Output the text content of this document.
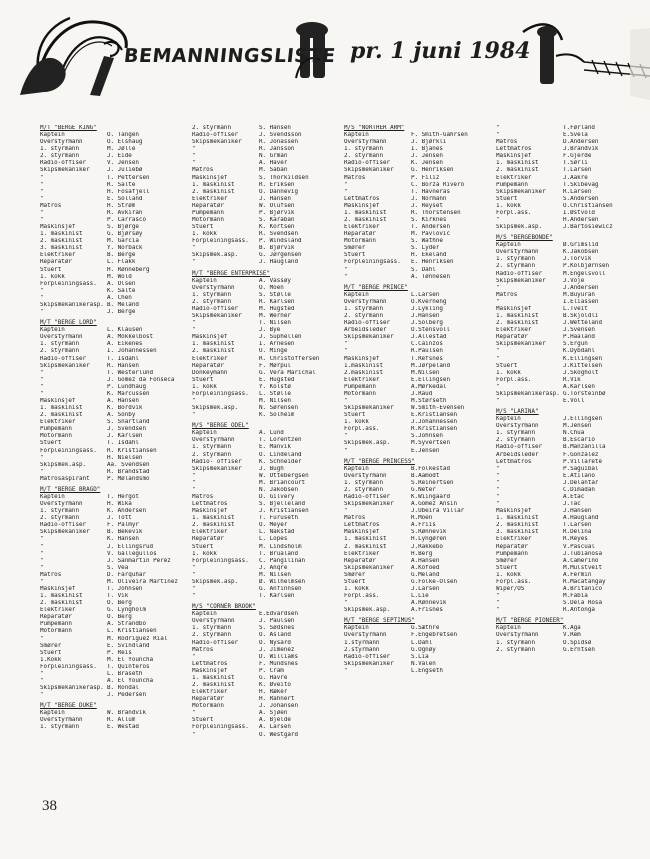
BEMANNINGSLISTE pr. 1 juni 1984
M/T "BERGE KING"
Kaptein	O. Tangen
Overstyrmann	O. Elshaug
1. styrmann	M. Jølle
2. styrmann	J. Eide
Radio-offiser	V. Jensen
Skipsmekaniker	J. Juliebø
"	T. Pettersen
"	R. Salte
"	H. Fosafjell
"	E. Solland
Matros	H. Strøm
"	R. Avkiran
"	P. Carrasco
Maskinsjef	S. Bjørge
1. maskinist	G. Bjørsøy
2. maskinist	M. Garcia
3. maskinist	Y. Norback
Elektriker	B. Berge
Reparatør	L. Flakk
Stuert	H. Rønneberg
1. kokk	M. Wold
Forpleiningsass.	A. Olsen
"	K. Salte
"	A. Chen
Skipsmekanikerasp. B. Meland
"	J. Berge
M/T "BERGE LORD"
Kaptein	L. Klausen
Overstyrmann	A. Mokkelbost
1. styrmann	A. Eikenes
2. styrmann	I. Johannessen
Radio-offiser	T. Isdahl
Skipsmekaniker	R. Hansen
"	T. Westerlund
"	J. Gomez da Fonseca
"	P. Lundhaug
"	K. Marcussen
Maskinsjef	A. Hansen
1. maskinist	K. Bordvik
2. maskinist	A. Sonby
Elektriker	S. Snartland
Pumpemann	J. Svendsen
Motormann	J. Karlsen
Stuert	T. Isdahl
Forpleiningsass.	R. Kristiansen
"	H. Nielsen
Skipsmek.asp.	Aa. Svendsen
"	R. Brandstad
Matrosaspirant	P. Mølandsmo
M/T "BERGE BRAGD"
Kaptein	T. Hergot
Overstyrmann	H. Wika
1. styrmann	K. Andersen
2. styrmann	J. Tott
Radio-offiser	F. Palmyr
Skipsmekaniker	B. Bekevik
"	K. Hansen
"	J. Ellingsrud
"	V. Gallegullos
"	J. Sanmartin Perez
"	S. Vea
Matros	D. Farquhar
"	M. Oliveira Martinez
Maskinsjef	T. Johnsen
1. maskinist	T. Vik
2. maskinist	O. Berg
Elektriker	G. Lyngholm
Reparatør	O. Berg
Pumpemann	A. Strandbo
Motormann	L. Kristiansen
"	M. Rodriguez Rial
Smører	E. Svindland
Stuert	P. Reis
1.Kokk	M. El Youncha
Forpleiningsass.	T. Quinteros
"	L. Braseth
"	A. El Youncha
Skipsmekanikerasp. B. Rondal
"	J. Pedersen
M/T "BERGE DUKE"
Kaptein	W. Brandvik
Overstyrmann	R. Allum
1. styrmann	E. Westad
2. styrmann	S. Hansen
Radio-offiser	J. Svendsson
Skipsmekaniker	R. Jonassen
"	R. Jansson
"	N. Grman
"	A. Haver
Matros	M. Saban
Maskinsjef	S. Thorkildsen
1. maskinist	R. Eriksen
2. maskinist	O. Dannevig
Elektriker	J. Hansen
Reparatør	W. Olufsen
Pumpemann	P. Bjørvik
Motormann	S. Karaban
Stuert	K. Kortsen
1. kokk	R. Svendsen
Forpleiningsass.	P. Windsland
"	B. Bjørvik
Skipsmek.asp.	G. Jørgensen
"	J. Haugland
M/T "BERGE ENTERPRISE"
Kaptein	A. Vassøy
Overstyrmann	O. Moen
1. styrmann	S. Stølle
2. styrmann	R. Karlsen
Radio-offiser	M. Hugsted
Skipsmekaniker	M. Werner
"	T. Nilsen
"	J. Bye
Maskinsjef	J. Suphellen
1. maskinist	I. Arnesen
2. maskinist	U. Minge
Elektriker	R. Christoffersen
Reparatør	F. Mørpul
Donkeymann	G. Vera Marichal
Stuert	E. Hugsted
1. kokk	Y. Kolstø
Forpleiningsass.	L. Stølle
"	M. Nilsen
Skipsmek.asp.	N. Sørensen
"	K. Solheim
M/S "BERGE ODEL"
Kaptein	A. Lund
Overstyrmann	T. Lorentzen
1. styrmann	E. Manvik
2. styrmann	O. Lindeland
Radio- offiser	K. Schneider
Skipsmekaniker	J. Bugh
"	W. Ottebergsen
"	M. Briancourt
"	N. Jakobsen
Matros	D. Gilvery
Lettmatros	S. Bjelleland
Maskinsjef	J. Kristiansen
1. maskinist	T. Furuseth
2. maskinist	O. Meyer
Elektriker	L. Nakstad
Reparatør	L. Lopes
Stuert	M. Lindsholm
1. kokk	T. Brualand
Forpleiningsass.	C. Pangilinan
"	J. Anqre
"	M. Nilsen
Skipsmek.asp.	Ø. Wilhelmsen
"	G. Anfinnsen
"	T. Karlsen
M/S "CORNER BROOK"
Kaptein	E.Edvardsen
Overstyrmann	J. Paulsen
1. styrmann	S. Sødsnes
2. styrmann	O. Åsland
Radio-offiser	O. Nysård
Matros	J. Jimenez
"	D. Williams
Lettmatros	F. Mundsnes
Maskinsjef	P. Cram
1. maskinist	G. Havre
2. maskinist	K. Øveito
Elektriker	H. Ræker
Reparatør	H. Rahnert
Motormann	J. Johansen
"	A. Sjøen
Stuert	A. Bjelde
Forpleiningsass.	A. Larsen
"	O. Westgård
M/S "NORTHER ARM"
Kaptein	F. Smith-Gahrsen
Overstyrmann	J. Bjørkli
1. styrmann	I. Bjånes
2. styrmann	J. Jensen
Radio-offiser	K. Jensen
Skipsmekaniker	G. Henriksen
Matros	P. Filiz
"	C. Borza Rivero
"	T. Havnerås
Lettmatros	J. Normann
Maskinsjef	J. Reyset
1. maskinist	R. Thorstensen
2. maskinist	S. Kirknes
Elektriker	T. Andersen
Reparatør	M. Pavlovic
Motormann	S. Wathne
Smører	S. Lyder
Stuert	H. Ekeland
Forpleiningsass.	E. Henriksen
"	S. Dahl
"	A. Tønnesen
M/T "BERGE PRINCE"
Kaptein	L.Larsen
Overstyrmann	O.Kverneng
1. styrmann	J.Lykling
2. styrmann	J.Hansen
Radio-offiser	J.Solberg
Arbeidsleder	O.Stensvoll
Skipsmekaniker	J.Allestad
"	C.Cainzos
"	R.Paulsen
Maskinsjef	T.Refsnes
1.maskinist	M.Jørpeland
2.maskinist	M.Nilsen
Elektriker	E.Ellingsen
Pumpemann	A.Mørkedal
Motormann	J.Raud
"	M.Størseth
Skipsmekaniker	W.Smith-Evensen
Stuert	E.Kristiansen
1. kokk	J.Johannessen
Forpl.ass.	R.Kristiansen
"	S.Johnsen
Skipsmek.asp.	M.Syvertsen
"	E.Jensen
M/T "BERGE PRINCESS"
Kaptein	B.Folkestad
Overstyrmann	B.Aamodt
1. styrmann	S.Reinertsen
2. styrmann	G.Neter
Radio-offiser	K.Wiingaard
Skipsmekaniker	A.Gomez Ansin
"	J.Ubeira Villar
Matros	R.Moen
Lettmatros	A.Friis
Maskinsjef	S.Rønnevik
1. maskinist	H.Lyngøren
2. maskinist	J.Rakkebo
Elektriker	H.Berg
Reparatør	A.Hansen
Skipsmekaniker	A.Kofoed
Smører	G.Meland
Stuert	G.Folke-Olsen
1. kokk	J.Larsen
Forpl.ass.	L.Lie
"	A.Rønnevik
Skipsmek.asp.	A.Frisnes
M/T "BERGE SEPTIMUS"
Kaptein	G.Sæthre
Overstyrmann	F.Engebretsen
1.styrmann	L.Dahl
2.styrmann	G.Ognøy
Radio-offiser	S.Lia
Skipsmekaniker	N.Valen
"	L.Engseth
"	T.Førland
"	E.Svela
Matros	D.Andersen
Lettmatros	J.Brandvik
Maskinsjef	F.Gjerde
1. maskinist	T.Sørli
2. maskinist	T.Larsen
Elektriker	J.Aakre
Pumpemann	T.Skibevåg
Skipsmekaniker	R.Larsen
Stuert	S.Andersen
1. kokk	O.Christiansen
Forpl.ass.	I.Østvold
"	H.Andersen
Skipsmek.asp.	J.Bartosiewicz
M/S "BERGEBONDE"
Kaptein	Ø.Grimslid
Overstyrmann	K.Jakobsen
1. styrmann	J.Torvik
2. styrmann	P.Kolbjørnsen
Radio-offiser	M.Engelsvoll
Skipsmekaniker	J.Voje
"	J.Andersen
Matros	M.Buyuran
"	I.Eliassen
Maskinsjef	L.Tveit
1. maskinist	B.Skjoldli
2. maskinist	J.Wetteland
Elektriker	J.Svensen
Reparatør	P.Haaland
Skipsmekaniker	S.Ergun
"	K.Dybdahl
"	K.Ellingsen
Stuert	J.Kittelsen
1. kokk	J.Skogholt
Forpl.ass.	R.Vik
"	Å.Karlsen
Skipsmekanikerasp. G.Torsteinbø
"	E.Voll
M/S "LARINA"
Kaptein	J.Ellingsen
Overstyrmann	M.Jensen
1. styrmann	N.Chua
2. styrmann	B.Escario
Radio-offiser	B.Manzanilla
Arbeidsleder	F.Gonzalez
Lettmatros	P.Villarete
"	P.Saguibal
"	E.Atilano
"	J.Delantar
"	C.Dimadan
"	A.Etac
"	J.Tac
Maskinsjef	J.Hansen
1. maskinist	A.Haugland
2. maskinist	T.Larsen
3. maskinist	R.Delina
Elektriker	R.Reyes
Reparatør	V.Pascual
Pumpemann	J.Tubianosa
Smører	A.Camerino
Stuert	M.Mulstveit
1. kokk	A.Fermin
Forpl.ass.	R.Macatangay
Wiper/OS	A.Britanico
"	M.Fabia
"	S.Dela Rosa
"	R.Antonga
M/T "BERGE PIONEER"
Kaptein	K.Aga
Overstyrmann	V.Rem
1. styrmann	O.Spidsø
2. styrmann	G.Erntsen
38
